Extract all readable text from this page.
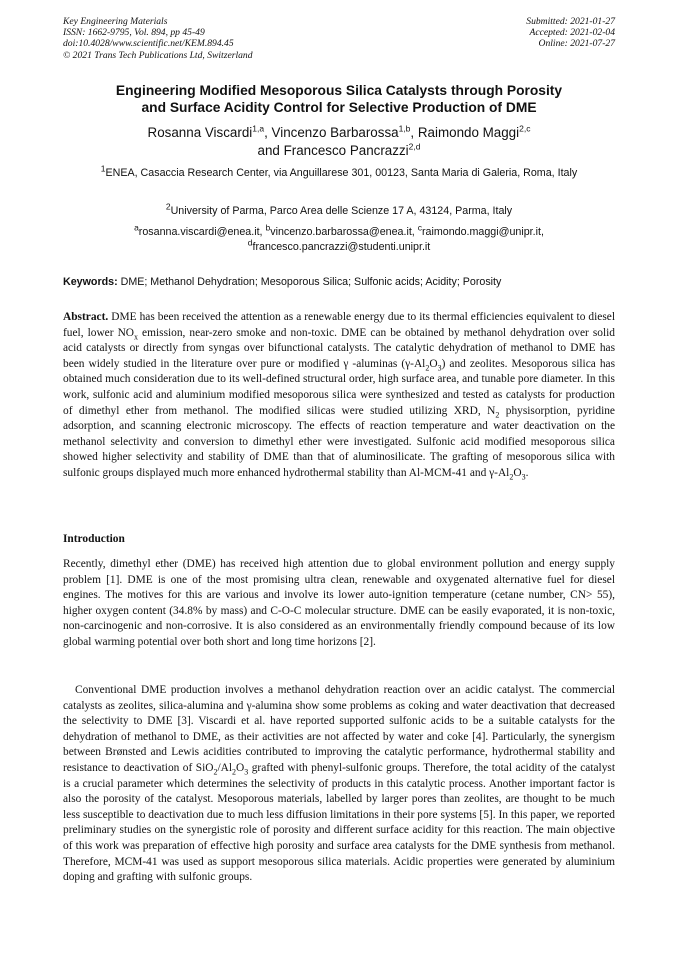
Key Engineering Materials
ISSN: 1662-9795, Vol. 894, pp 45-49
doi:10.4028/www.scientific.net/KEM.894.45
© 2021 Trans Tech Publications Ltd, Switzerland
Submitted: 2021-01-27
Accepted: 2021-02-04
Online: 2021-07-27
Engineering Modified Mesoporous Silica Catalysts through Porosity
and Surface Acidity Control for Selective Production of DME
Rosanna Viscardi$^{1,a}$, Vincenzo Barbarossa$^{1,b}$, Raimondo Maggi$^{2,c}$
and Francesco Pancrazzi$^{2,d}$
$^1$ENEA, Casaccia Research Center, via Anguillarese 301, 00123, Santa Maria di Galeria, Roma, Italy
$^2$University of Parma, Parco Area delle Scienze 17 A, 43124, Parma, Italy
$^a$rosanna.viscardi@enea.it, $^b$vincenzo.barbarossa@enea.it, $^c$raimondo.maggi@unipr.it,
$^d$francesco.pancrazzi@studenti.unipr.it
Keywords: DME; Methanol Dehydration; Mesoporous Silica; Sulfonic acids; Acidity; Porosity

Abstract. DME has been received the attention as a renewable energy due to its thermal efficiencies equivalent to diesel fuel, lower $NO_x$ emission, near-zero smoke and non-toxic. DME can be obtained by methanol dehydration over solid acid catalysts or directly from syngas over bifunctional catalysts. The catalytic dehydration of methanol to DME has been widely studied in the literature over pure or modified γ -aluminas $(\gamma-Al_2O_3)$ and zeolites. Mesoporous silica has obtained much consideration due to its well-defined structural order, high surface area, and tunable pore diameter. In this work, sulfonic acid and aluminium modified mesoporous silica were synthesized and tested as catalysts for production of dimethyl ether from methanol. The modified silicas were studied utilizing XRD, $N_2$ physisorption, pyridine adsorption, and scanning electronic microscopy. The effects of reaction temperature and water deactivation on the methanol selectivity and conversion to dimethyl ether were investigated. Sulfonic acid modified mesoporous silica showed higher selectivity and stability of DME than that of aluminosilicate. The grafting of mesoporous silica with sulfonic groups displayed much more enhanced hydrothermal stability than Al-MCM-41 and $\gamma-Al_2O_3$.

Introduction

Recently, dimethyl ether (DME) has received high attention due to global environment pollution and energy supply problem [1]. DME is one of the most promising ultra clean, renewable and oxygenated alternative fuel for diesel engines. The motives for this are various and involve its lower auto-ignition temperature (cetane number, CN> 55), higher oxygen content (34.8% by mass) and C-O-C molecular structure. DME can be easily evaporated, it is non-toxic, non-carcinogenic and non-corrosive. It is also considered as an environmentally friendly compound because of its low global warming potential over both short and long time horizons [2].

Conventional DME production involves a methanol dehydration reaction over an acidic catalyst. The commercial catalysts as zeolites, silica-alumina and γ-alumina show some problems as coking and water deactivation that decreased the selectivity to DME [3]. Viscardi et al. have reported supported sulfonic acids to be a suitable catalysts for the dehydration of methanol to DME, as their activities are not affected by water and coke [4]. Particularly, the synergism between Brønsted and Lewis acidities contributed to improving the catalytic performance, hydrothermal stability and resistance to deactivation of $SiO_2/Al_2O_3$ grafted with phenyl-sulfonic groups. Therefore, the total acidity of the catalyst is a crucial parameter which determines the selectivity of products in this catalytic process. Another important factor is also the porosity of the catalyst. Mesoporous materials, labelled by larger pores than zeolites, are thought to be much less susceptible to deactivation due to much less diffusion limitations in their pore systems [5]. In this paper, we reported preliminary studies on the synergistic role of porosity and different surface acidity for this reaction. The main objective of this work was preparation of effective high porosity and surface area catalysts for the DME synthesis from methanol. Therefore, MCM-41 was used as support mesoporous silica materials. Acidic properties were generated by aluminium doping and grafting with sulfonic groups.
